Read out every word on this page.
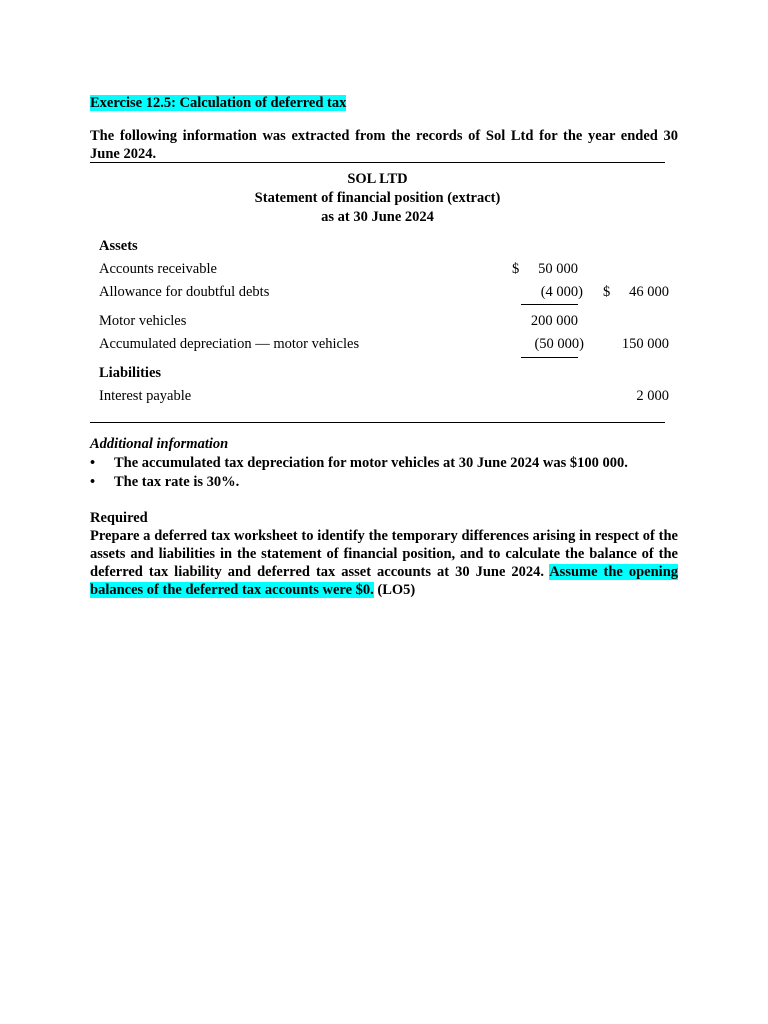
Exercise 12.5: Calculation of deferred tax
The following information was extracted from the records of Sol Ltd for the year ended 30 June 2024.
SOL LTD
Statement of financial position (extract)
as at 30 June 2024
Assets
Accounts receivable	$	50 000
Allowance for doubtful debts	(4 000) $	46 000
Motor vehicles	200 000
Accumulated depreciation — motor vehicles	(50 000)	150 000
Liabilities
Interest payable	2 000
Additional information
• The accumulated tax depreciation for motor vehicles at 30 June 2024 was $100 000.
• The tax rate is 30%.
Required
Prepare a deferred tax worksheet to identify the temporary differences arising in respect of the assets and liabilities in the statement of financial position, and to calculate the balance of the deferred tax liability and deferred tax asset accounts at 30 June 2024. Assume the opening balances of the deferred tax accounts were $0. (LO5)
